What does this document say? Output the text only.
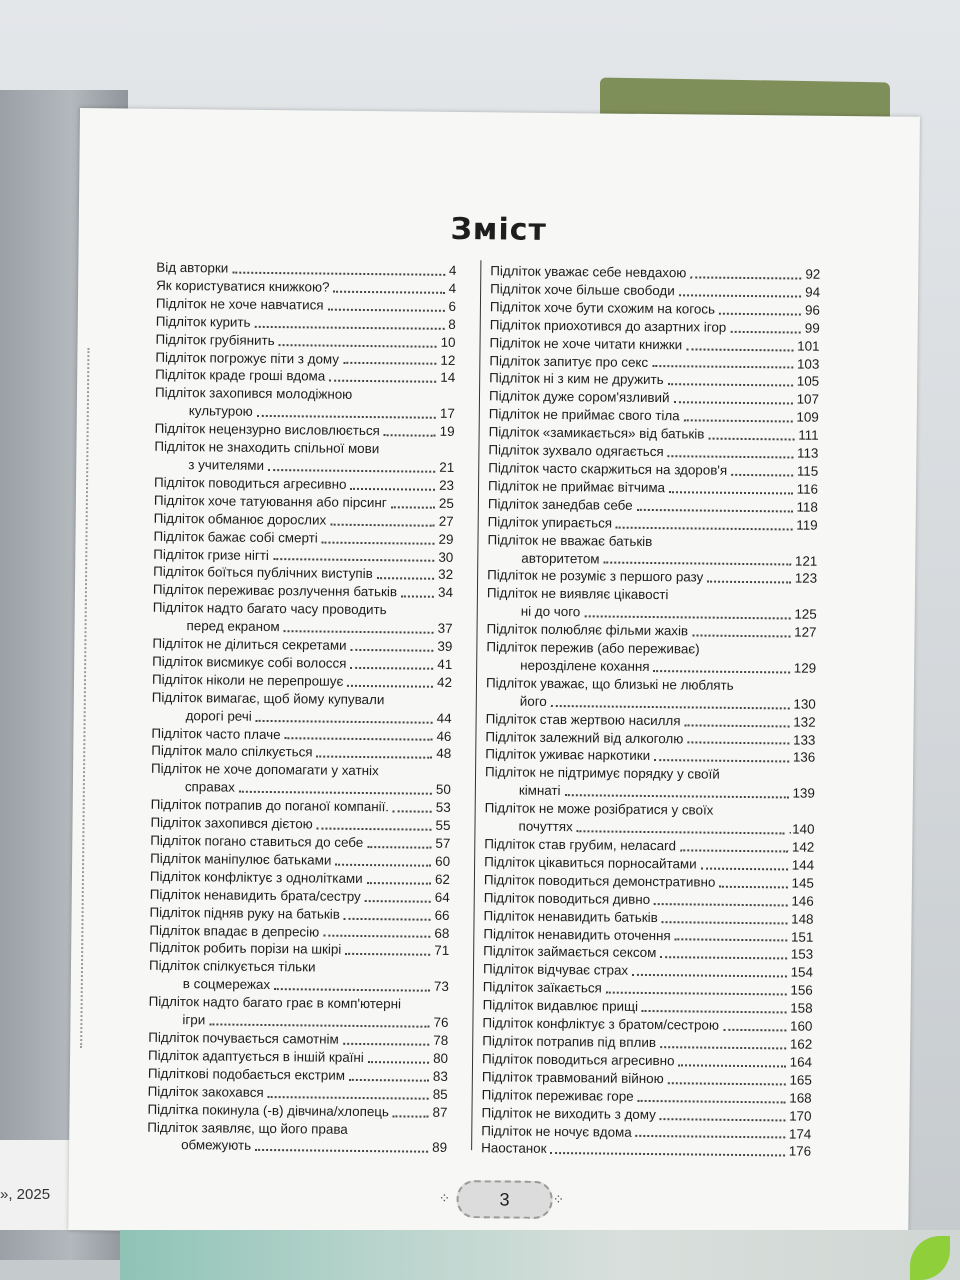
», 2025
Зміст
Від авторки	4
Як користуватися книжкою?	4
Підліток не хоче навчатися	6
Підліток курить	8
Підліток грубіянить	10
Підліток погрожує піти з дому	12
Підліток краде гроші вдома	14
Підліток захопився молодіжною
культурою	17
Підліток нецензурно висловлюється	19
Підліток не знаходить спільної мови
з учителями	21
Підліток поводиться агресивно	23
Підліток хоче татуювання або пірсинг	25
Підліток обманює дорослих	27
Підліток бажає собі смерті	29
Підліток гризе нігті	30
Підліток боїться публічних виступів	32
Підліток переживає розлучення батьків	34
Підліток надто багато часу проводить
перед екраном	37
Підліток не ділиться секретами	39
Підліток висмикує собі волосся	41
Підліток ніколи не перепрошує	42
Підліток вимагає, щоб йому купували
дорогі речі	44
Підліток часто плаче	46
Підліток мало спілкується	48
Підліток не хоче допомагати у хатніх
справах	50
Підліток потрапив до поганої компанії.	53
Підліток захопився дієтою	55
Підліток погано ставиться до себе	57
Підліток маніпулює батьками	60
Підліток конфліктує з однолітками	62
Підліток ненавидить брата/сестру	64
Підліток підняв руку на батьків	66
Підліток впадає в депресію	68
Підліток робить порізи на шкірі	71
Підліток спілкується тільки
в соцмережах	73
Підліток надто багато грає в комп'ютерні
ігри	76
Підліток почувається самотнім	78
Підліток адаптується в іншій країні	80
Підліткові подобається екстрим	83
Підліток закохався	85
Підлітка покинула (-в) дівчина/хлопець	87
Підліток заявляє, що його права
обмежують	89
Підліток уважає себе невдахою	92
Підліток хоче більше свободи	94
Підліток хоче бути схожим на когось	96
Підліток приохотився до азартних ігор	99
Підліток не хоче читати книжки	101
Підліток запитує про секс	103
Підліток ні з ким не дружить	105
Підліток дуже сором'язливий	107
Підліток не приймає свого тіла	109
Підліток «замикається» від батьків	111
Підліток зухвало одягається	113
Підліток часто скаржиться на здоров'я	115
Підліток не приймає вітчима	116
Підліток занедбав себе	118
Підліток упирається	119
Підліток не вважає батьків
авторитетом	121
Підліток не розуміє з першого разу	123
Підліток не виявляє цікавості
ні до чого	125
Підліток полюбляє фільми жахів	127
Підліток пережив (або переживає)
нерозділене кохання	129
Підліток уважає, що близькі не люблять
його	130
Підліток став жертвою насилля	132
Підліток залежний від алкоголю	133
Підліток уживає наркотики	136
Підліток не підтримує порядку у своїй
кімнаті	139
Підліток не може розібратися у своїх
почуттях	.140
Підліток став грубим, нелаcard	142
Підліток цікавиться порносайтами	144
Підліток поводиться демонстративно	145
Підліток поводиться дивно	146
Підліток ненавидить батьків	148
Підліток ненавидить оточення	151
Підліток займається сексом	153
Підліток відчуває страх	154
Підліток заїкається	156
Підліток видавлює прищі	158
Підліток конфліктує з братом/сестрою	160
Підліток потрапив під вплив	162
Підліток поводиться агресивно	164
Підліток травмований війною	165
Підліток переживає горе	168
Підліток не виходить з дому	170
Підліток не ночує вдома	174
Наостанок	176
⁘	3	⁘
